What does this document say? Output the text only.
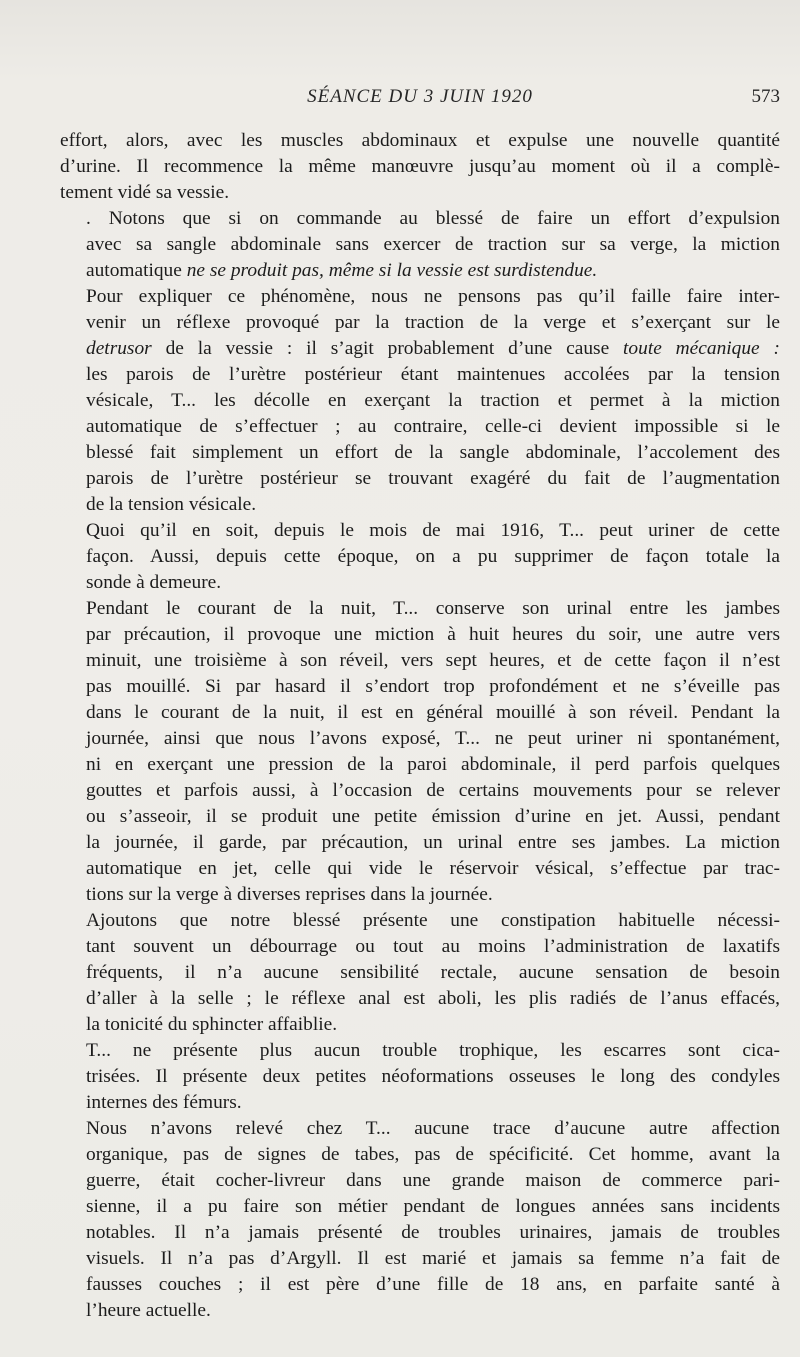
SÉANCE DU 3 JUIN 1920	573

effort, alors, avec les muscles abdominaux et expulse une nouvelle quantité
d’urine. Il recommence la même manœuvre jusqu’au moment où il a complè-
tement vidé sa vessie.

. Notons que si on commande au blessé de faire un effort d’expulsion
avec sa sangle abdominale sans exercer de traction sur sa verge, la miction
automatique ne se produit pas, même si la vessie est surdistendue.

Pour expliquer ce phénomène, nous ne pensons pas qu’il faille faire inter-
venir un réflexe provoqué par la traction de la verge et s’exerçant sur le
detrusor de la vessie : il s’agit probablement d’une cause toute mécanique :
les parois de l’urètre postérieur étant maintenues accolées par la tension
vésicale, T... les décolle en exerçant la traction et permet à la miction
automatique de s’effectuer ; au contraire, celle-ci devient impossible si le
blessé fait simplement un effort de la sangle abdominale, l’accolement des
parois de l’urètre postérieur se trouvant exagéré du fait de l’augmentation
de la tension vésicale.

Quoi qu’il en soit, depuis le mois de mai 1916, T... peut uriner de cette
façon. Aussi, depuis cette époque, on a pu supprimer de façon totale la
sonde à demeure.

Pendant le courant de la nuit, T... conserve son urinal entre les jambes
par précaution, il provoque une miction à huit heures du soir, une autre vers
minuit, une troisième à son réveil, vers sept heures, et de cette façon il n’est
pas mouillé. Si par hasard il s’endort trop profondément et ne s’éveille pas
dans le courant de la nuit, il est en général mouillé à son réveil. Pendant la
journée, ainsi que nous l’avons exposé, T... ne peut uriner ni spontanément,
ni en exerçant une pression de la paroi abdominale, il perd parfois quelques
gouttes et parfois aussi, à l’occasion de certains mouvements pour se relever
ou s’asseoir, il se produit une petite émission d’urine en jet. Aussi, pendant
la journée, il garde, par précaution, un urinal entre ses jambes. La miction
automatique en jet, celle qui vide le réservoir vésical, s’effectue par trac-
tions sur la verge à diverses reprises dans la journée.

Ajoutons que notre blessé présente une constipation habituelle nécessi-
tant souvent un débourrage ou tout au moins l’administration de laxatifs
fréquents, il n’a aucune sensibilité rectale, aucune sensation de besoin
d’aller à la selle ; le réflexe anal est aboli, les plis radiés de l’anus effacés,
la tonicité du sphincter affaiblie.

T... ne présente plus aucun trouble trophique, les escarres sont cica-
trisées. Il présente deux petites néoformations osseuses le long des condyles
internes des fémurs.

Nous n’avons relevé chez T... aucune trace d’aucune autre affection
organique, pas de signes de tabes, pas de spécificité. Cet homme, avant la
guerre, était cocher-livreur dans une grande maison de commerce pari-
sienne, il a pu faire son métier pendant de longues années sans incidents
notables. Il n’a jamais présenté de troubles urinaires, jamais de troubles
visuels. Il n’a pas d’Argyll. Il est marié et jamais sa femme n’a fait de
fausses couches ; il est père d’une fille de 18 ans, en parfaite santé à
l’heure actuelle.
